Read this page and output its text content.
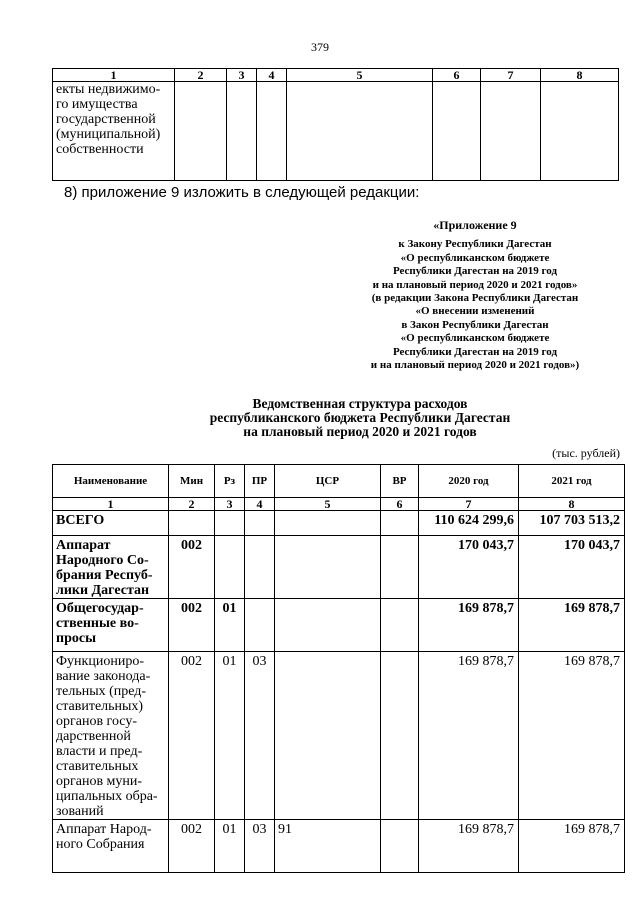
379
1	2	3	4	5	6	7	8
екты недвижимо-го имущества государственной (муниципальной) собственности							
8) приложение 9 изложить в следующей редакции:
«Приложение 9
к Закону Республики Дагестан
«О республиканском бюджете
Республики Дагестан на 2019 год
и на плановый период 2020 и 2021 годов»
(в редакции Закона Республики Дагестан
«О внесении изменений
в Закон Республики Дагестан
«О республиканском бюджете
Республики Дагестан на 2019 год
и на плановый период 2020 и 2021 годов»)
Ведомственная структура расходов
республиканского бюджета Республики Дагестан
на плановый период 2020 и 2021 годов
(тыс. рублей)
Наименование	Мин	Рз	ПР	ЦСР	ВР	2020 год	2021 год
1	2	3	4	5	6	7	8
ВСЕГО						110 624 299,6	107 703 513,2
Аппарат Народного Со-брания Респуб-лики Дагестан	002					170 043,7	170 043,7
Общегосудар-ственные во-просы	002	01				169 878,7	169 878,7
Функциониро-вание законода-тельных (пред-ставительных) органов госу-дарственной власти и пред-ставительных органов муни-ципальных обра-зований	002	01	03			169 878,7	169 878,7
Аппарат Народ-ного Собрания	002	01	03	91		169 878,7	169 878,7
